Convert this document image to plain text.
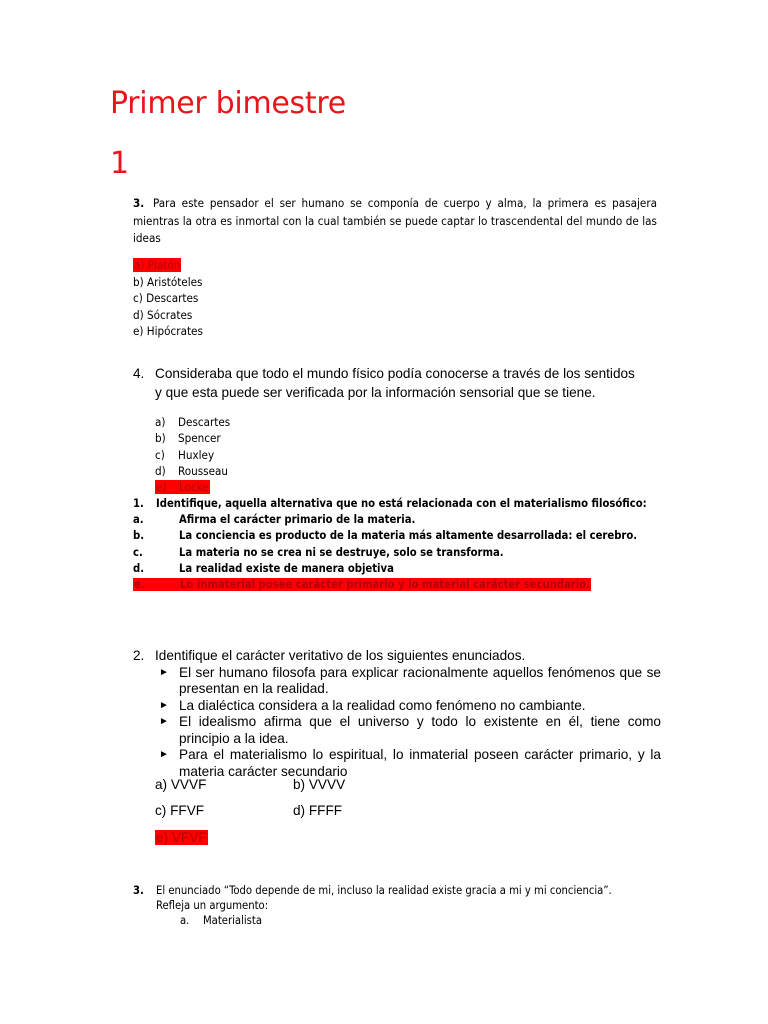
Primer bimestre
1
3. Para este pensador el ser humano se componía de cuerpo y alma, la primera es pasajera mientras la otra es inmortal con la cual también se puede captar lo trascendental del mundo de las ideas
a) Platón
b) Aristóteles
c) Descartes
d) Sócrates
e) Hipócrates
4. Consideraba que todo el mundo físico podía conocerse a través de los sentidos
y que esta puede ser verificada por la información sensorial que se tiene.
a) Descartes
b) Spencer
c) Huxley
d) Rousseau
e) Locke
1. Identifique, aquella alternativa que no está relacionada con el materialismo filosófico:
a.	Afirma el carácter primario de la materia.
b.	La conciencia es producto de la materia más altamente desarrollada: el cerebro.
c.	La materia no se crea ni se destruye, solo se transforma.
d.	La realidad existe de manera objetiva
e.	Lo inmaterial posee carácter primario y lo material carácter secundario.
2. Identifique el carácter veritativo de los siguientes enunciados.
► El ser humano filosofa para explicar racionalmente aquellos fenómenos que se presentan en la realidad.
► La dialéctica considera a la realidad como fenómeno no cambiante.
► El idealismo afirma que el universo y todo lo existente en él, tiene como principio a la idea.
► Para el materialismo lo espiritual, lo inmaterial poseen carácter primario, y la materia carácter secundario
a) VVVF	b) VVVV
c) FFVF	d) FFFF
e) VFVF
3. El enunciado “Todo depende de mi, incluso la realidad existe gracia a mi y mi conciencia”.
Refleja un argumento:
a. Materialista
